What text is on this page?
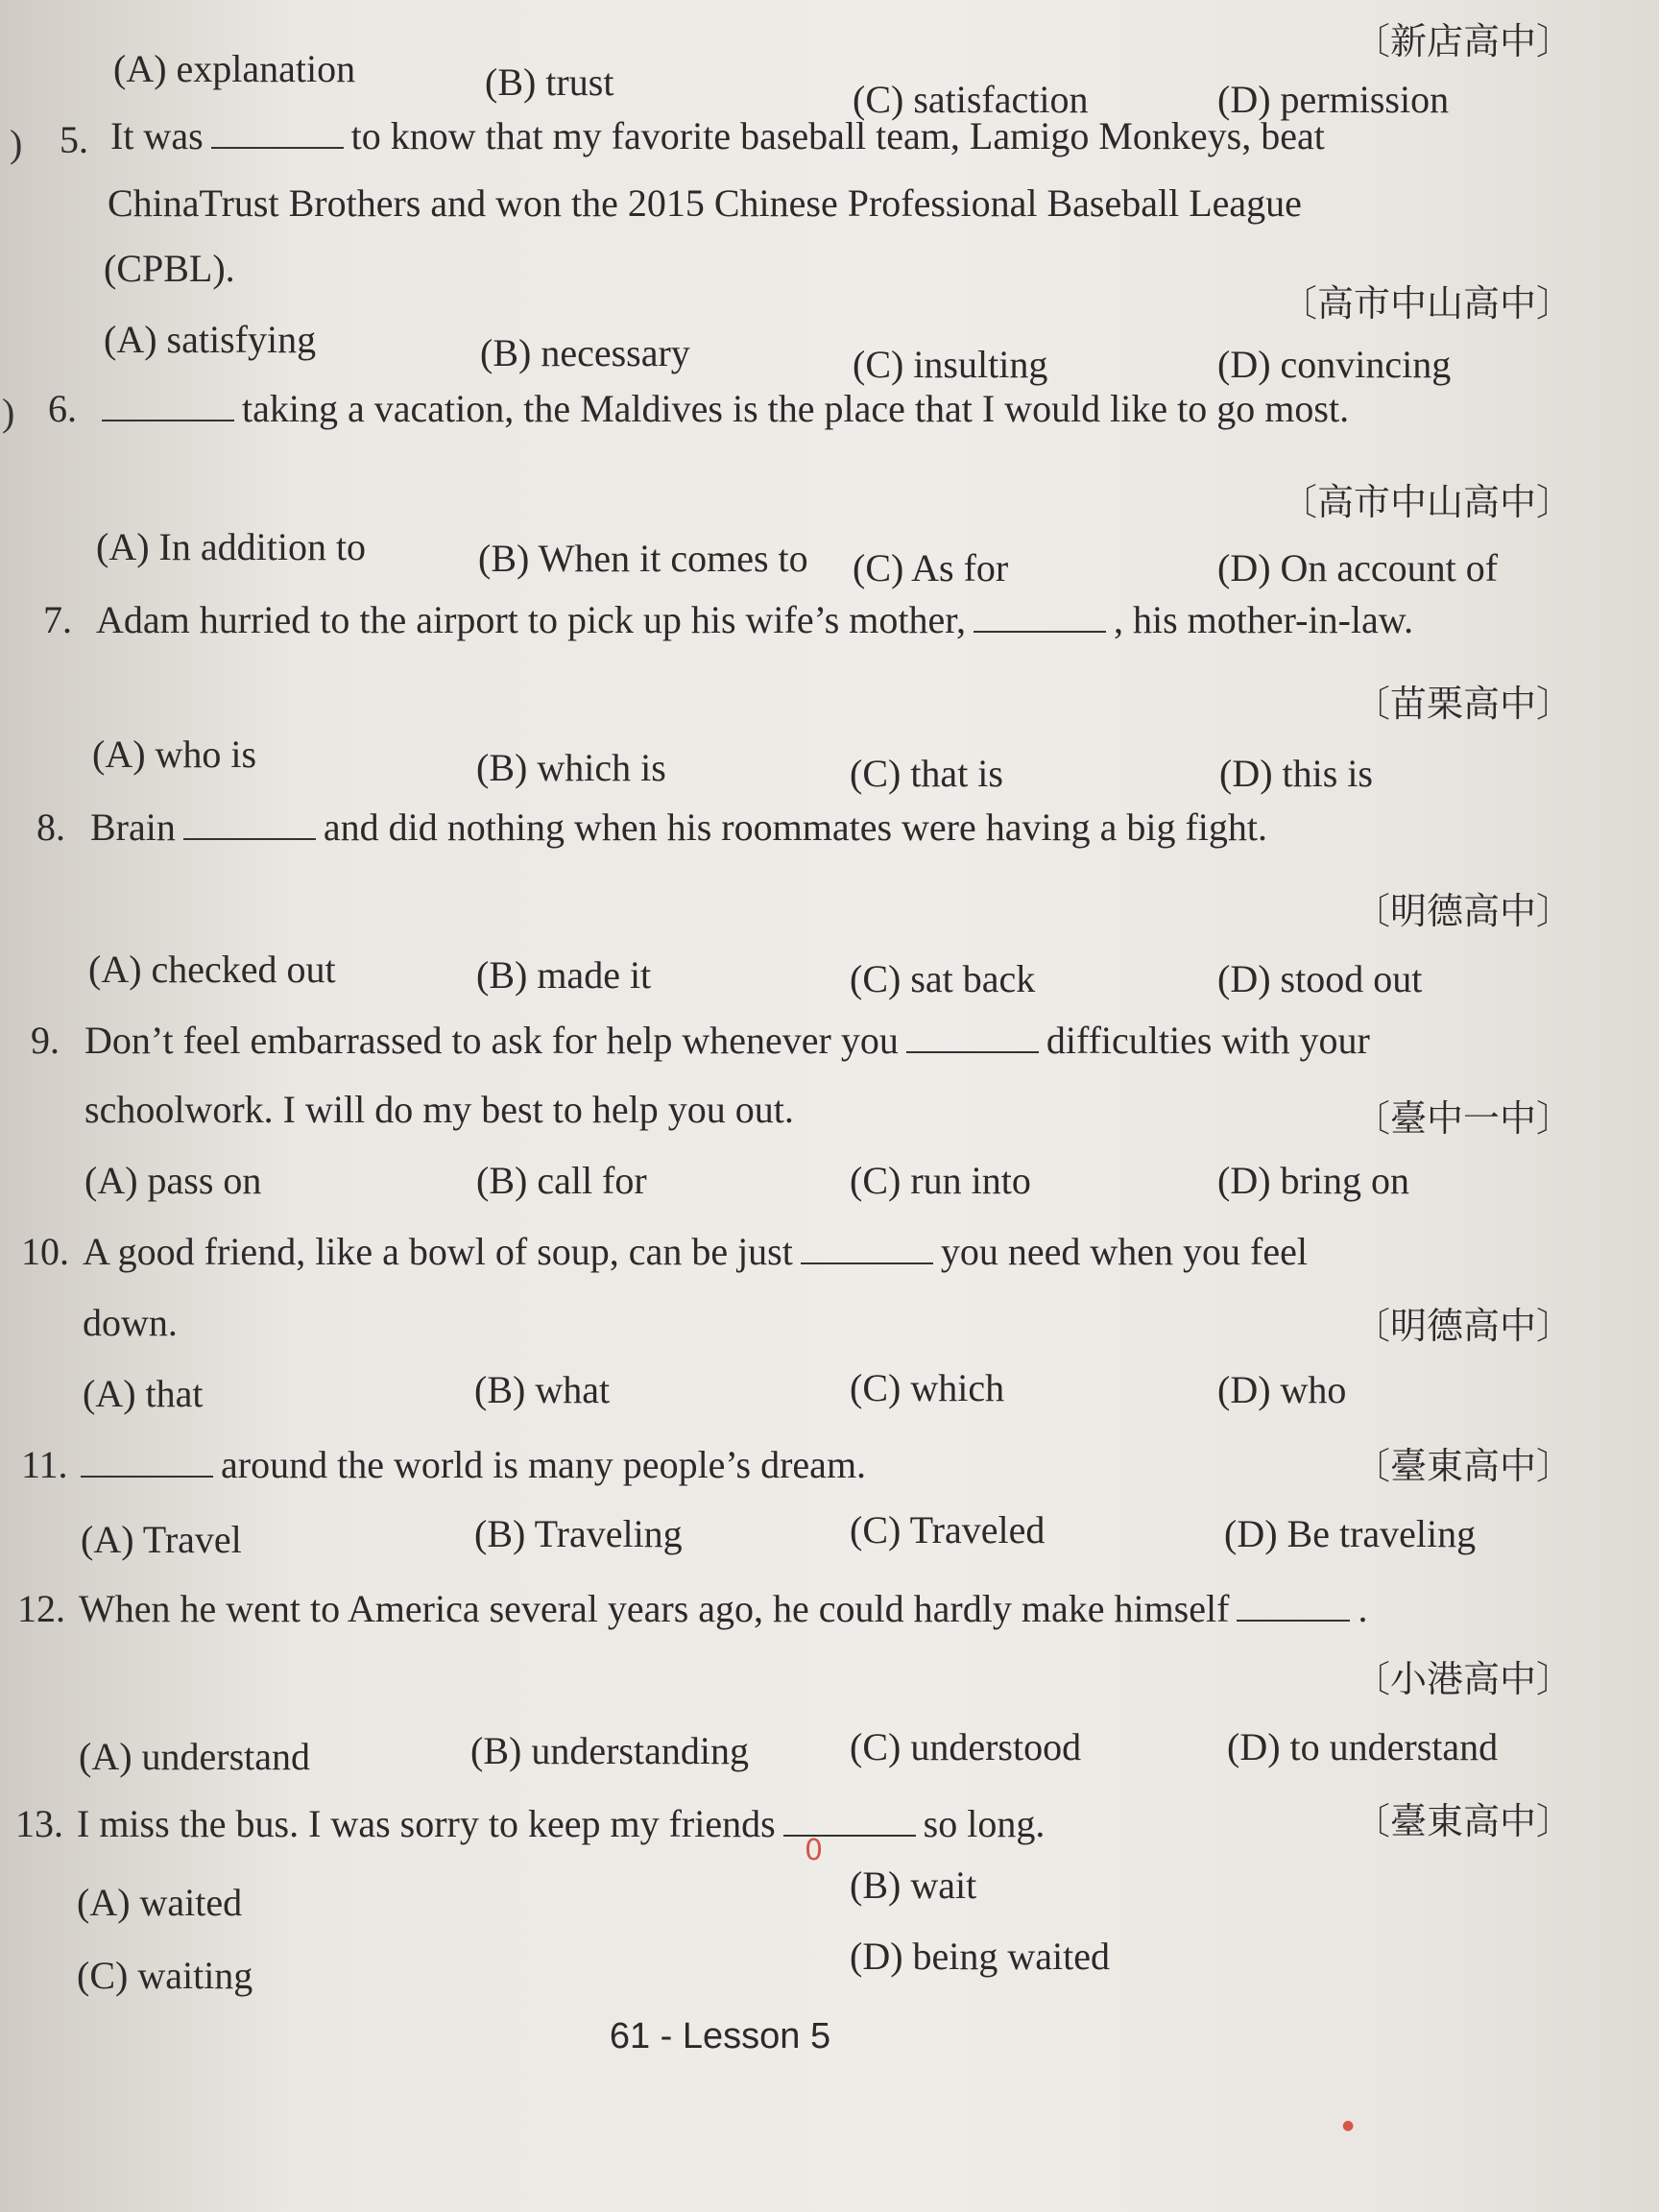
〔新店高中〕
(A) explanation	(B) trust	(C) satisfaction	(D) permission
) 5. It was	to know that my favorite baseball team, Lamigo Monkeys, beat
ChinaTrust Brothers and won the 2015 Chinese Professional Baseball League
(CPBL).
〔高市中山高中〕
(A) satisfying	(B) necessary	(C) insulting	(D) convincing
) 6.	taking a vacation, the Maldives is the place that I would like to go most.
〔高市中山高中〕
(A) In addition to	(B) When it comes to (C) As for	(D) On account of
7. Adam hurried to the airport to pick up his wife’s mother,	, his mother-in-law.
〔苗栗高中〕
(A) who is	(B) which is	(C) that is	(D) this is
8. Brain	and did nothing when his roommates were having a big fight.
〔明德高中〕
(A) checked out	(B) made it	(C) sat back	(D) stood out
9. Don’t feel embarrassed to ask for help whenever you	difficulties with your
schoolwork. I will do my best to help you out.	〔臺中一中〕
(A) pass on	(B) call for	(C) run into	(D) bring on
10. A good friend, like a bowl of soup, can be just	you need when you feel
down.	〔明德高中〕
(A) that	(B) what	(C) which	(D) who
11.	around the world is many people’s dream.	〔臺東高中〕
(A) Travel	(B) Traveling	(C) Traveled	(D) Be traveling
12. When he went to America several years ago, he could hardly make himself	.
〔小港高中〕
(A) understand	(B) understanding	(C) understood	(D) to understand
13. I miss the bus. I was sorry to keep my friends	so long.	〔臺東高中〕
(A) waited	(B) wait
(C) waiting	(D) being waited
0
●
61 - Lesson 5
